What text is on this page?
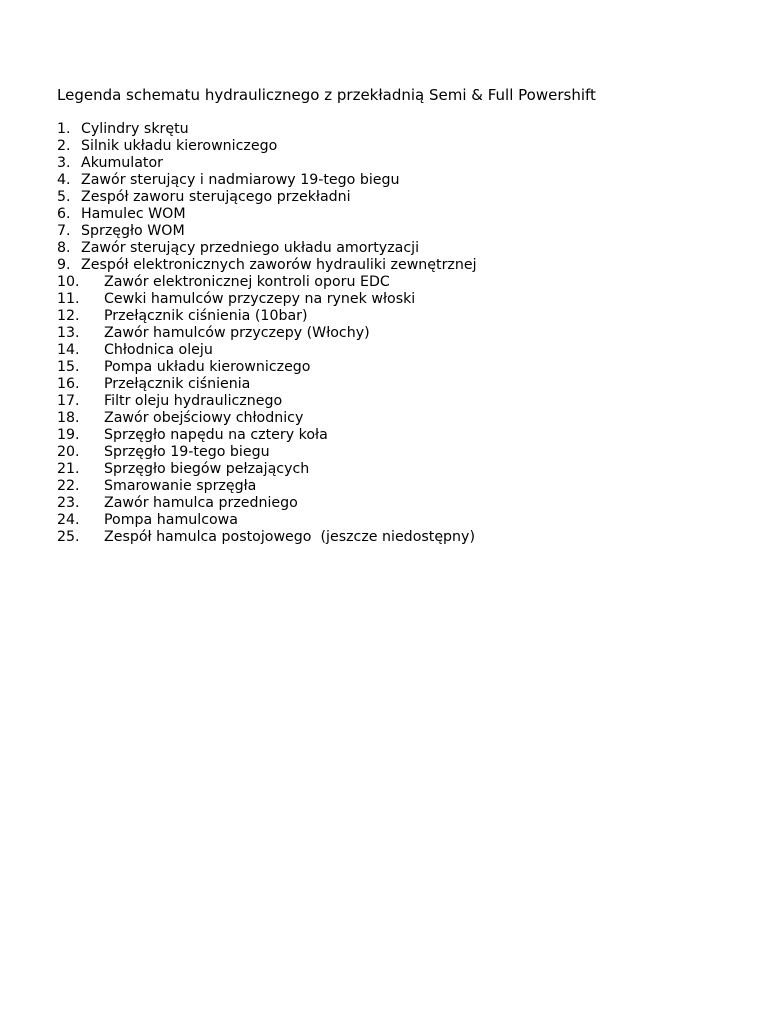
Legenda schematu hydraulicznego z przekładnią Semi & Full Powershift
1. Cylindry skrętu
2. Silnik układu kierowniczego
3. Akumulator
4. Zawór sterujący i nadmiarowy 19-tego biegu
5. Zespół zaworu sterującego przekładni
6. Hamulec WOM
7. Sprzęgło WOM
8. Zawór sterujący przedniego układu amortyzacji
9. Zespół elektronicznych zaworów hydrauliki zewnętrznej
10.	Zawór elektronicznej kontroli oporu EDC
11.	Cewki hamulców przyczepy na rynek włoski
12.	Przełącznik ciśnienia (10bar)
13.	Zawór hamulców przyczepy (Włochy)
14.	Chłodnica oleju
15.	Pompa układu kierowniczego
16.	Przełącznik ciśnienia
17.	Filtr oleju hydraulicznego
18.	Zawór obejściowy chłodnicy
19.	Sprzęgło napędu na cztery koła
20.	Sprzęgło 19-tego biegu
21.	Sprzęgło biegów pełzających
22.	Smarowanie sprzęgła
23.	Zawór hamulca przedniego
24.	Pompa hamulcowa
25.	Zespół hamulca postojowego  (jeszcze niedostępny)
